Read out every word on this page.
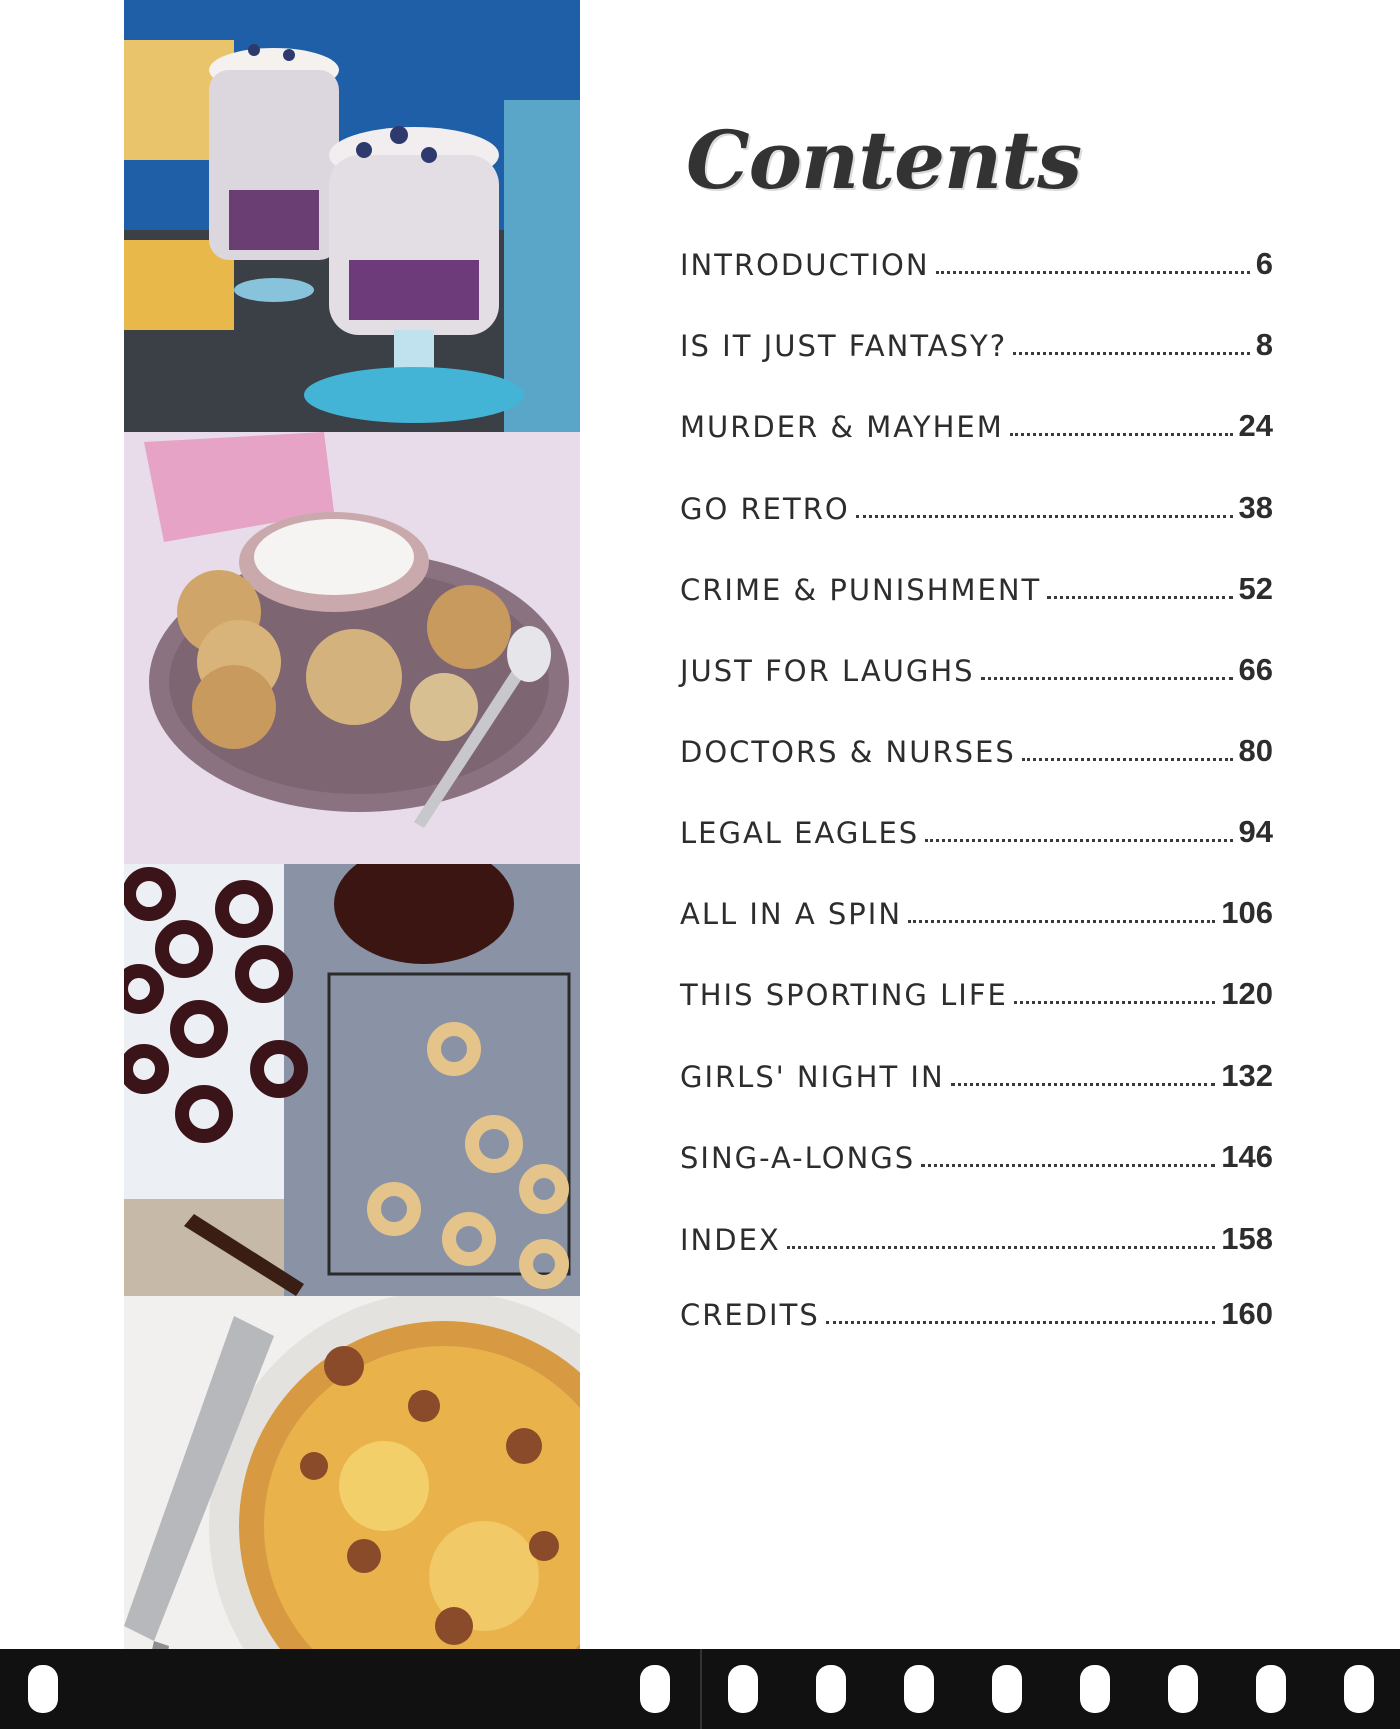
Contents
INTRODUCTION	6
IS IT JUST FANTASY?	8
MURDER & MAYHEM	24
GO RETRO	38
CRIME & PUNISHMENT	52
JUST FOR LAUGHS	66
DOCTORS & NURSES	80
LEGAL EAGLES	94
ALL IN A SPIN	106
THIS SPORTING LIFE	120
GIRLS' NIGHT IN	132
SING-A-LONGS	146
INDEX	158
CREDITS	160
